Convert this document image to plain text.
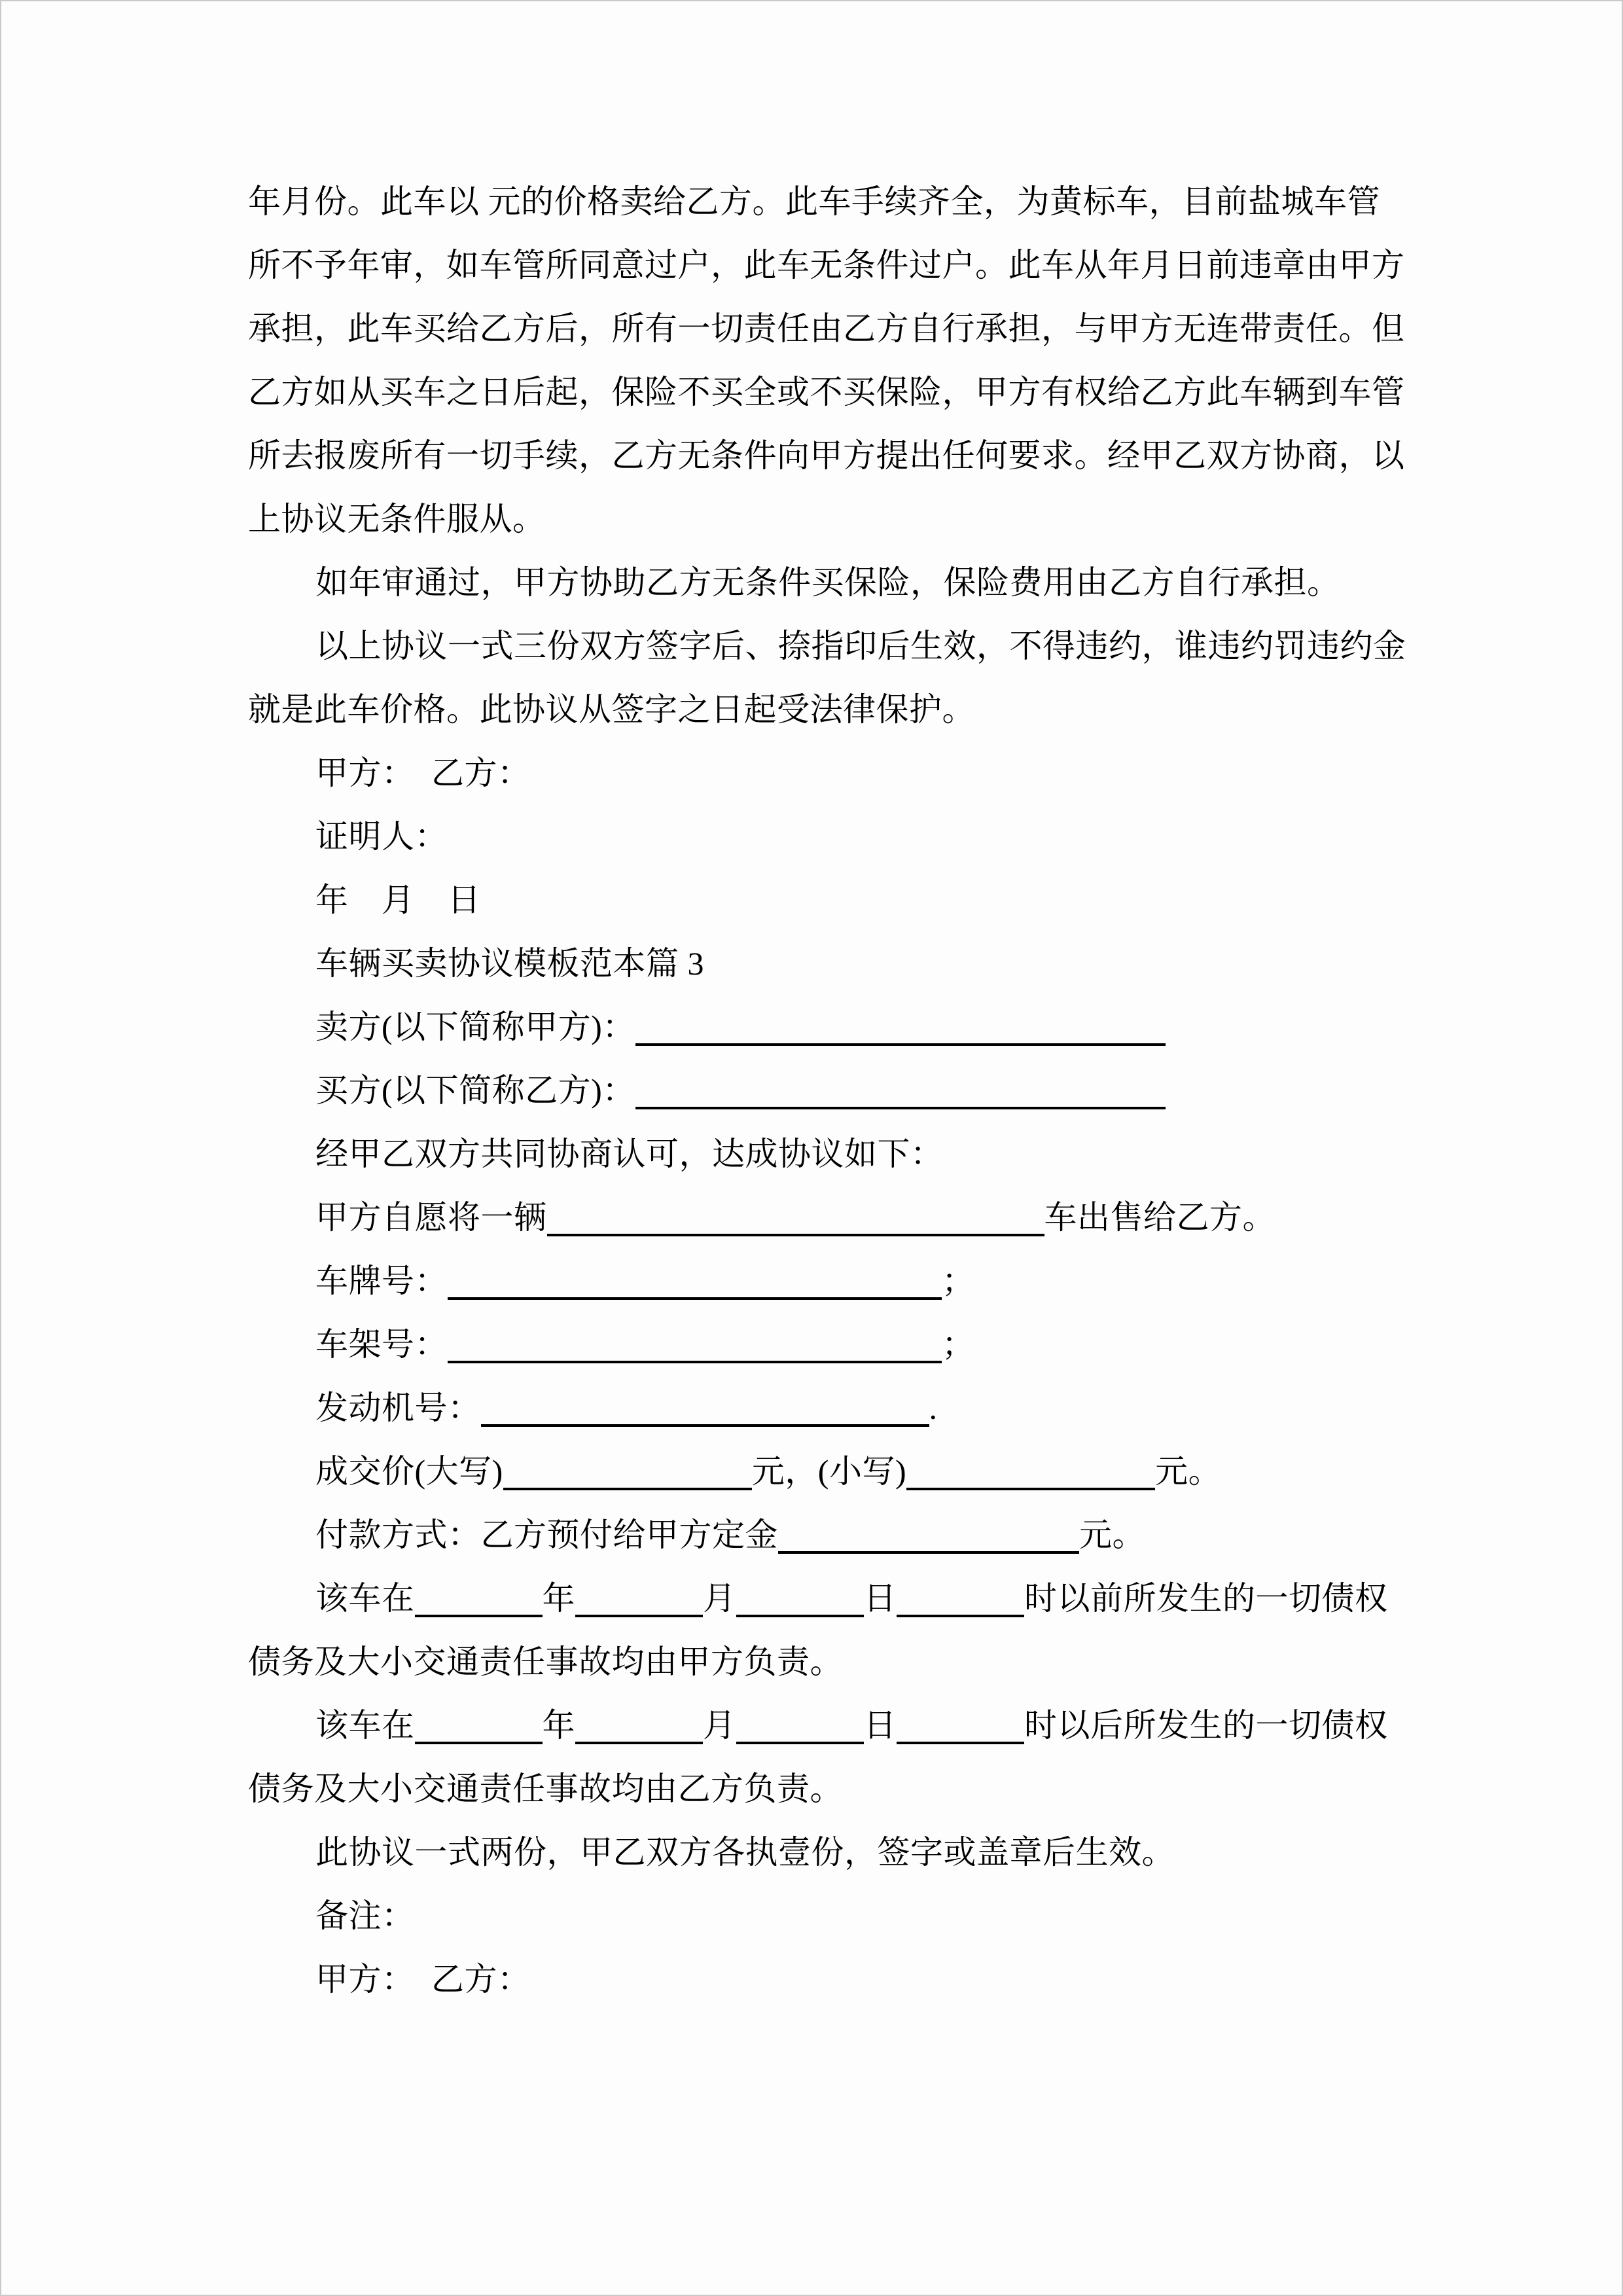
年月份。此车以 元的价格卖给乙方。此车手续齐全，为黄标车，目前盐城车管

所不予年审，如车管所同意过户，此车无条件过户。此车从年月日前违章由甲方

承担，此车买给乙方后，所有一切责任由乙方自行承担，与甲方无连带责任。但

乙方如从买车之日后起，保险不买全或不买保险，甲方有权给乙方此车辆到车管

所去报废所有一切手续，乙方无条件向甲方提出任何要求。经甲乙双方协商，以

上协议无条件服从。

如年审通过，甲方协助乙方无条件买保险，保险费用由乙方自行承担。

以上协议一式三份双方签字后、捺指印后生效，不得违约，谁违约罚违约金

就是此车价格。此协议从签字之日起受法律保护。

甲方：　乙方：

证明人：

年　月　日

车辆买卖协议模板范本篇 3

卖方(以下简称甲方)：

买方(以下简称乙方)：

经甲乙双方共同协商认可，达成协议如下：

甲方自愿将一辆	车出售给乙方。

车牌号：	；

车架号：	；

发动机号：	.

成交价(大写)	元，(小写)	元。

付款方式：乙方预付给甲方定金	元。

该车在	年	月	日	时以前所发生的一切债权

债务及大小交通责任事故均由甲方负责。

该车在	年	月	日	时以后所发生的一切债权

债务及大小交通责任事故均由乙方负责。

此协议一式两份，甲乙双方各执壹份，签字或盖章后生效。

备注：

甲方：　乙方：
